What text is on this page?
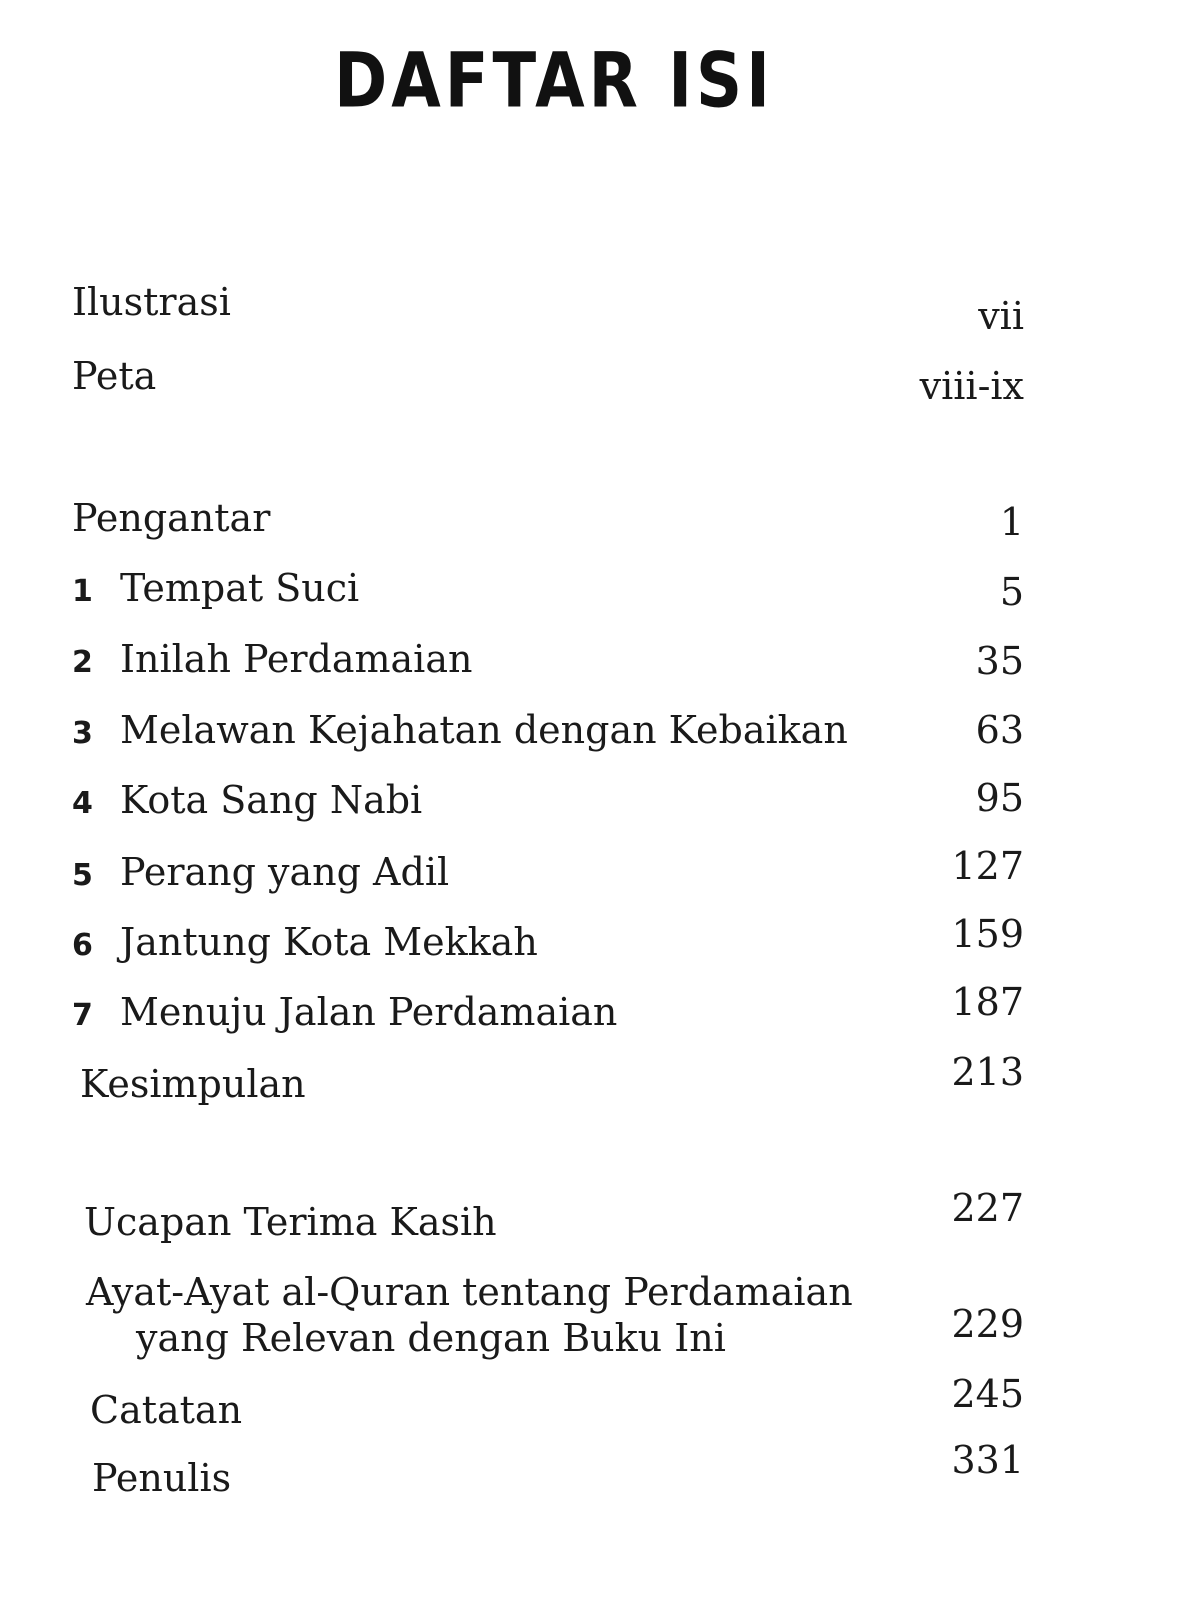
DAFTAR ISI
Ilustrasi	vii
Peta	viii-ix
Pengantar	1
1 Tempat Suci	5
2 Inilah Perdamaian	35
3 Melawan Kejahatan dengan Kebaikan	63
4 Kota Sang Nabi	95
5 Perang yang Adil	127
6 Jantung Kota Mekkah	159
7 Menuju Jalan Perdamaian	187
Kesimpulan	213
Ucapan Terima Kasih	227
Ayat-Ayat al-Quran tentang Perdamaian
yang Relevan dengan Buku Ini	229
Catatan	245
Penulis	331
